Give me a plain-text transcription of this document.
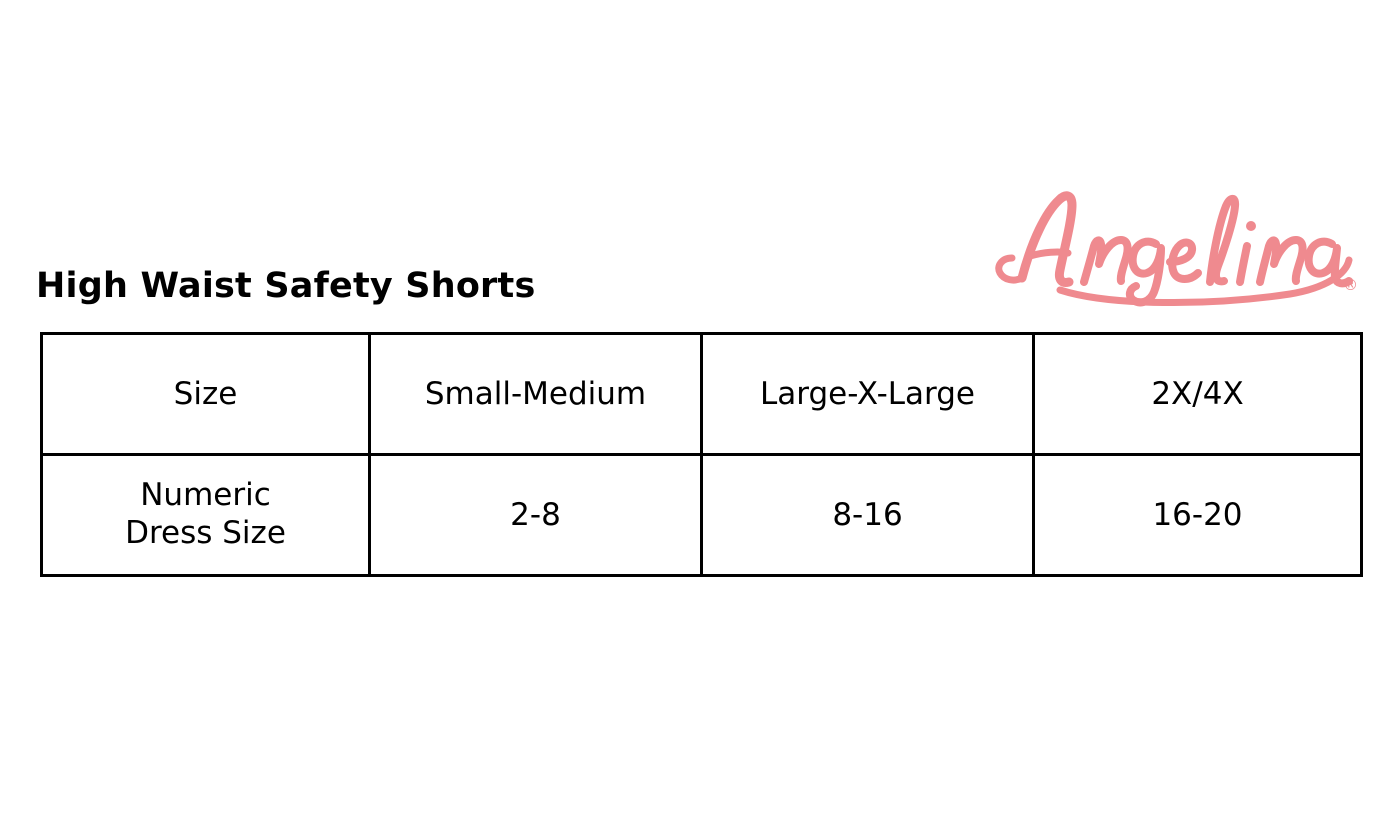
®
High Waist Safety Shorts
Size	Small-Medium	Large-X-Large	2X/4X

Numeric
Dress Size	2-8	8-16	16-20
